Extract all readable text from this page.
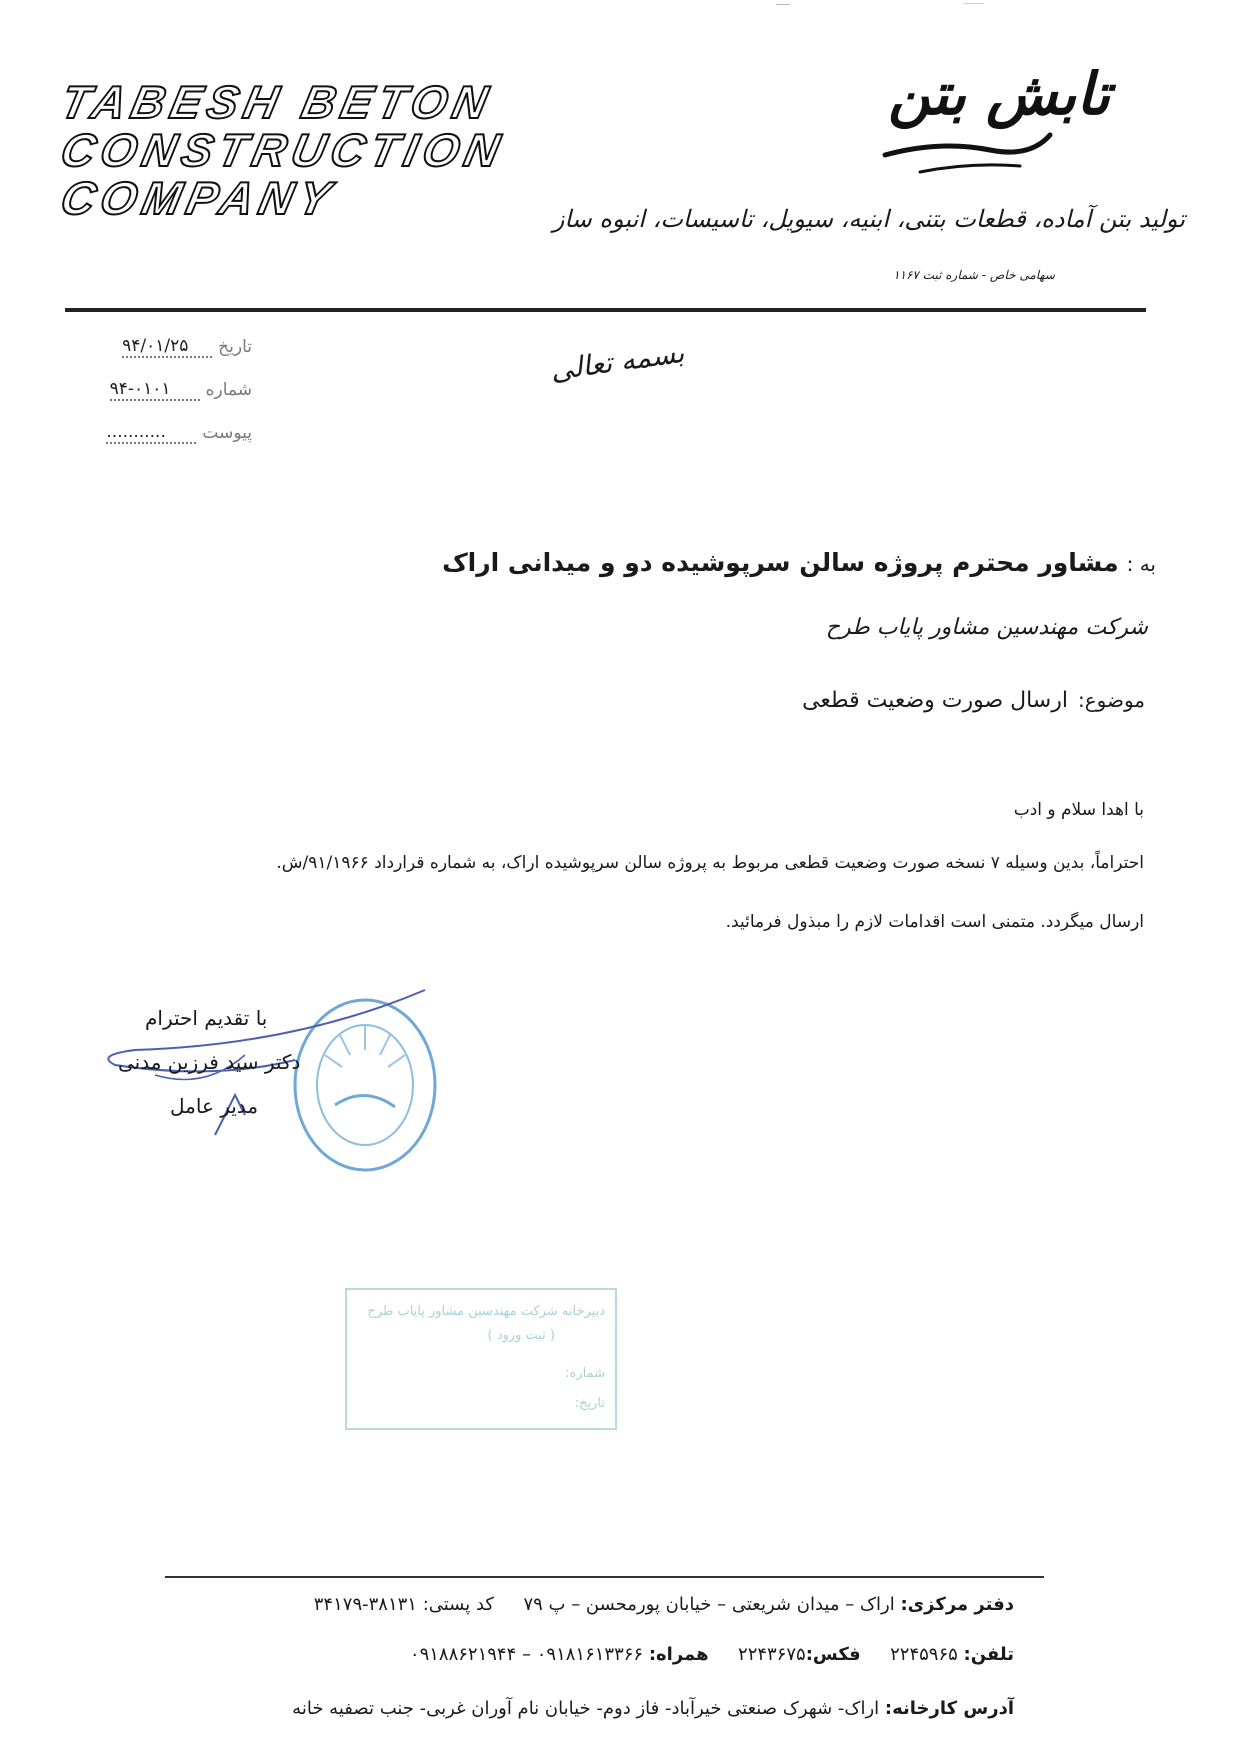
TABESH BETON
CONSTRUCTION
COMPANY
تابش بتن
تولید بتن آماده، قطعات بتنی، ابنیه، سیویل، تاسیسات، انبوه ساز
سهامی خاص - شماره ثبت ۱۱۶۷
تاریخ
۹۴/۰۱/۲۵
شماره
۹۴-۰۱۰۱
پیوست
...........
بسمه تعالی
به :مشاور محترم پروژه سالن سرپوشیده دو و میدانی اراک
شرکت مهندسین مشاور پایاب طرح
موضوع:ارسال صورت وضعیت قطعی
با اهدا سلام و ادب
احتراماً، بدین وسیله ۷ نسخه صورت وضعیت قطعی مربوط به پروژه سالن سرپوشیده اراک، به شماره قرارداد ۹۱/۱۹۶۶/ش.
ارسال میگردد. متمنی است اقدامات لازم را مبذول فرمائید.
با تقدیم احترام
دکتر سید فرزین مدنی
مدیر عامل
دبیرخانه شرکت مهندسین مشاور پایاب طرح
( ثبت ورود )
شماره:
تاریخ:
دفتر مرکزی: اراک – میدان شریعتی – خیابان پورمحسن – پ ۷۹  کد پستی: ۳۸۱۳۱-۳۴۱۷۹
تلفن: ۲۲۴۵۹۶۵  فکس:۲۲۴۳۶۷۵  همراه: ۰۹۱۸۱۶۱۳۳۶۶ – ۰۹۱۸۸۶۲۱۹۴۴
آدرس کارخانه: اراک- شهرک صنعتی خیرآباد- فاز دوم- خیابان نام آوران غربی- جنب تصفیه خانه
